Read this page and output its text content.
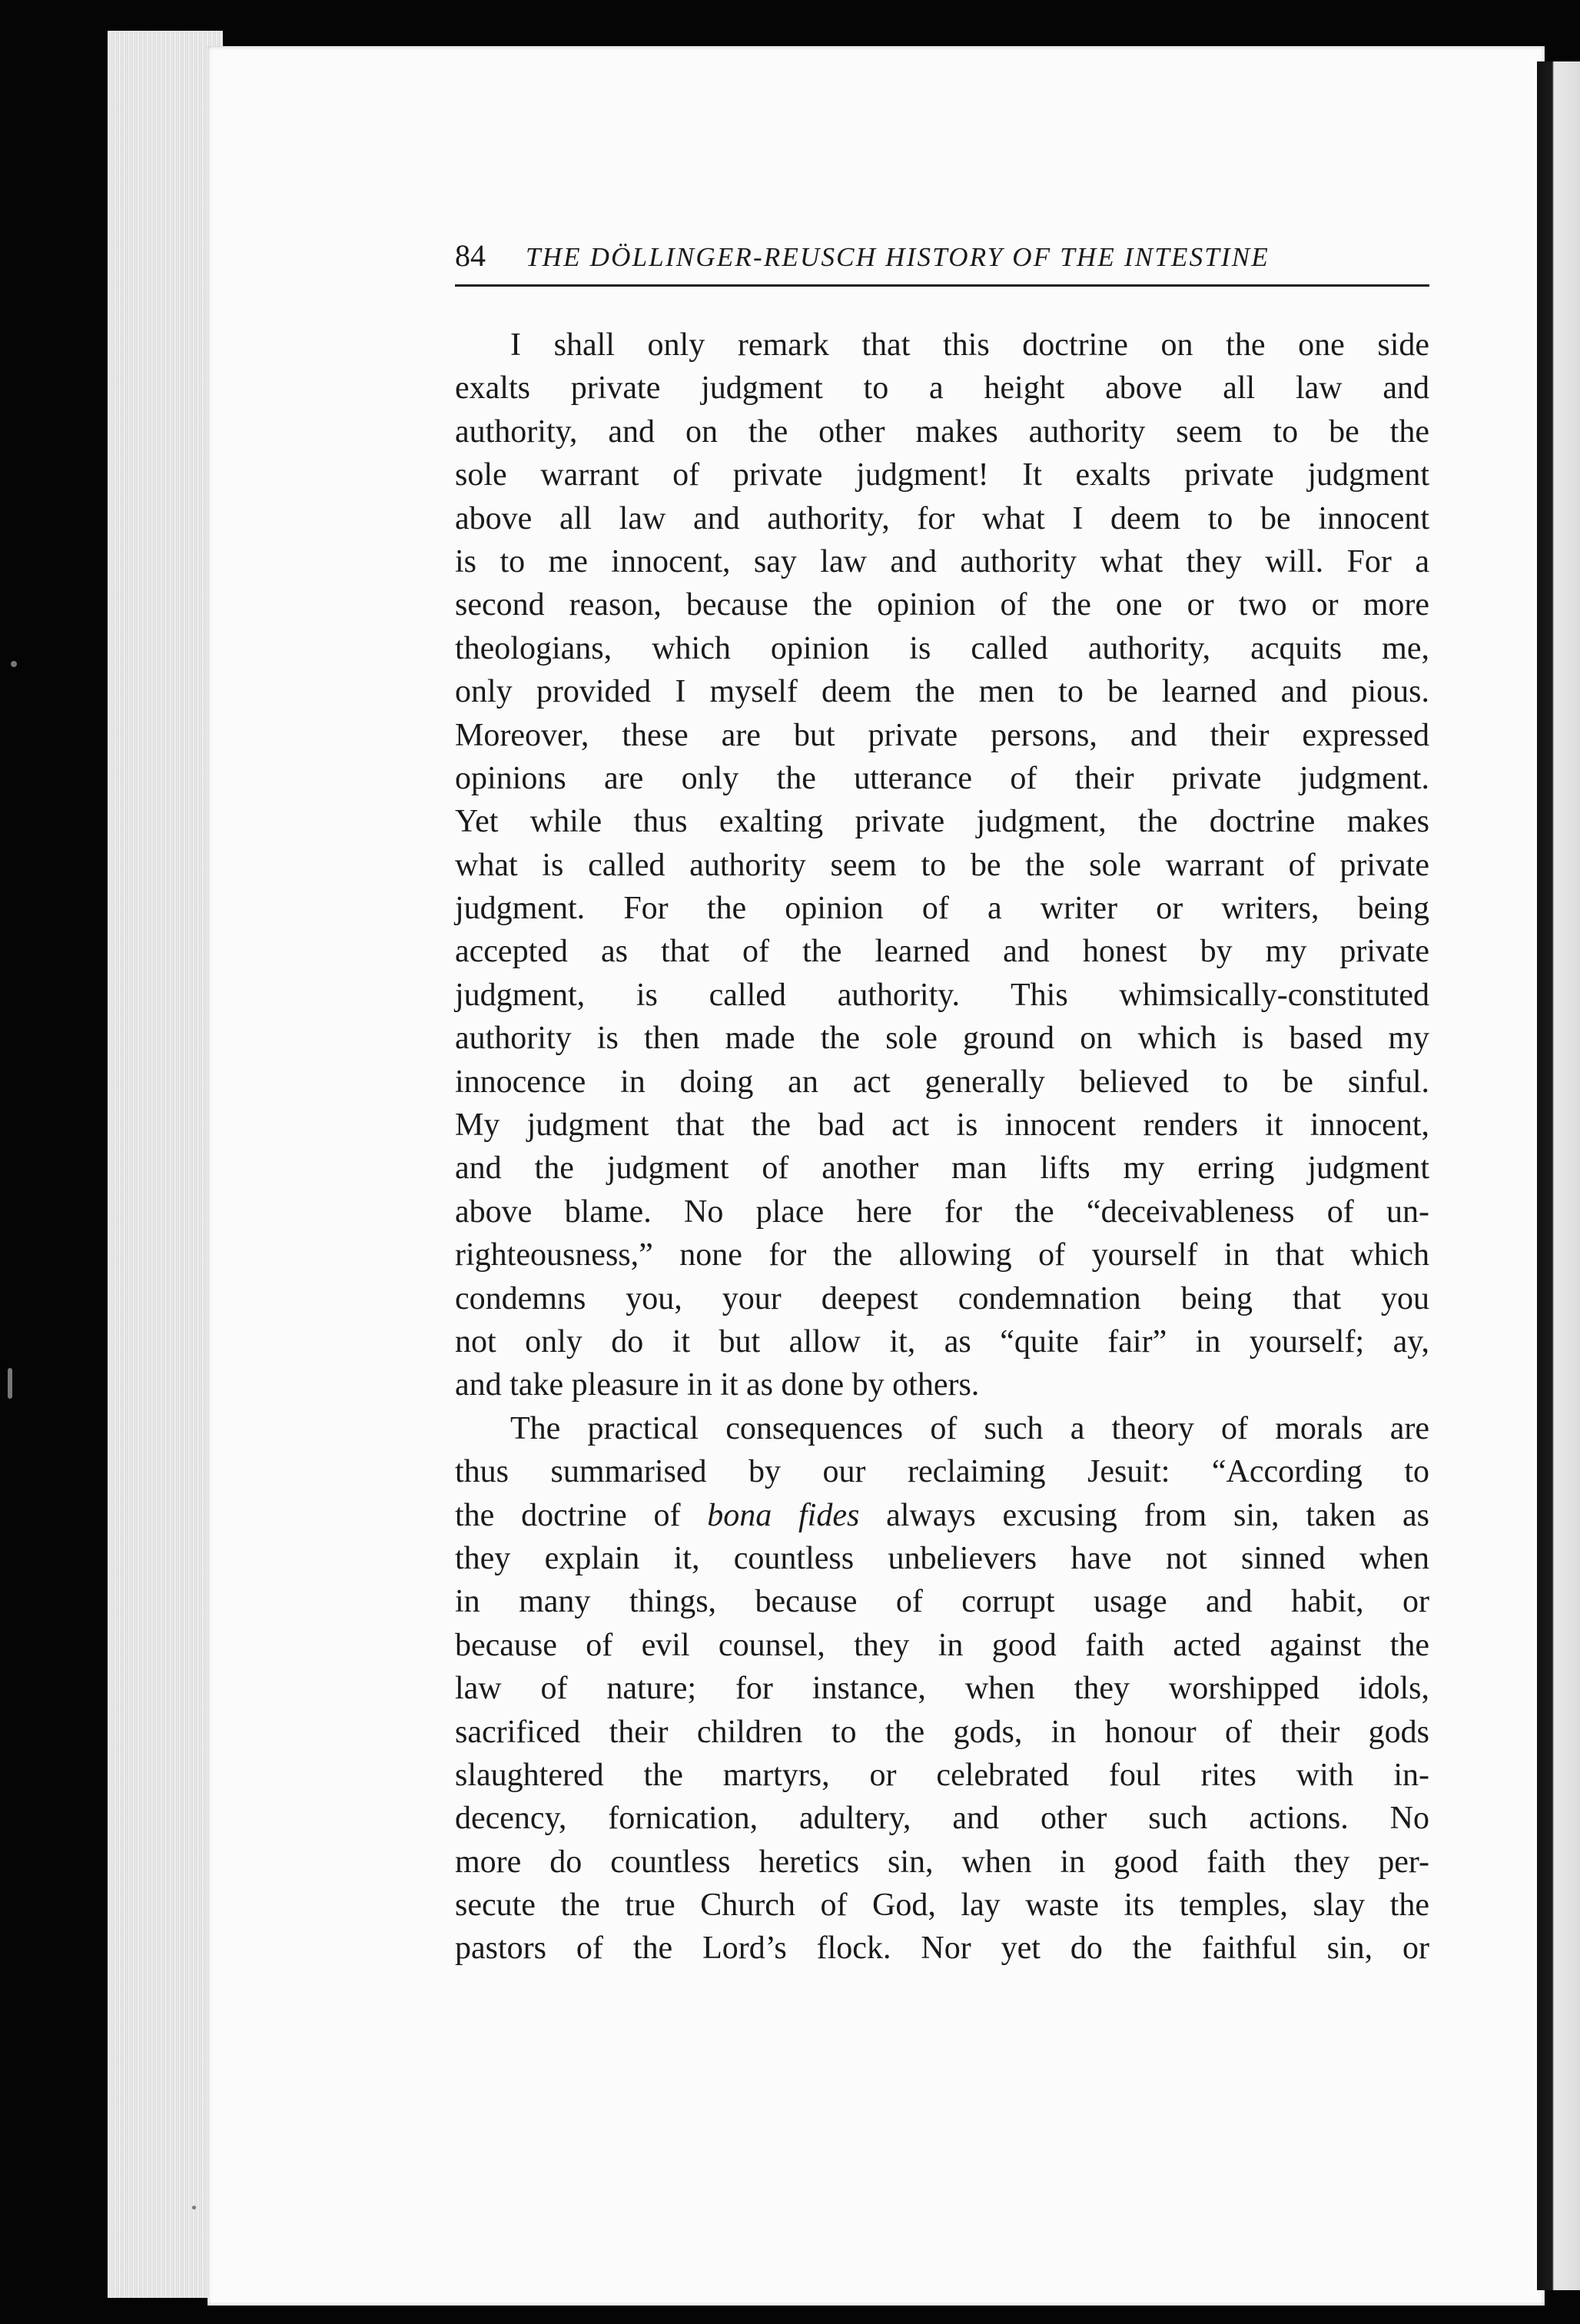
84 THE DÖLLINGER-REUSCH HISTORY OF THE INTESTINE
I shall only remark that this doctrine on the one side
exalts private judgment to a height above all law and
authority, and on the other makes authority seem to be the
sole warrant of private judgment! It exalts private judgment
above all law and authority, for what I deem to be innocent
is to me innocent, say law and authority what they will. For a
second reason, because the opinion of the one or two or more
theologians, which opinion is called authority, acquits me,
only provided I myself deem the men to be learned and pious.
Moreover, these are but private persons, and their expressed
opinions are only the utterance of their private judgment.
Yet while thus exalting private judgment, the doctrine makes
what is called authority seem to be the sole warrant of private
judgment. For the opinion of a writer or writers, being
accepted as that of the learned and honest by my private
judgment, is called authority. This whimsically-constituted
authority is then made the sole ground on which is based my
innocence in doing an act generally believed to be sinful.
My judgment that the bad act is innocent renders it innocent,
and the judgment of another man lifts my erring judgment
above blame. No place here for the “deceivableness of un-
righteousness,” none for the allowing of yourself in that which
condemns you, your deepest condemnation being that you
not only do it but allow it, as “quite fair” in yourself; ay,
and take pleasure in it as done by others.
The practical consequences of such a theory of morals are
thus summarised by our reclaiming Jesuit: “According to
the doctrine of bona fides always excusing from sin, taken as
they explain it, countless unbelievers have not sinned when
in many things, because of corrupt usage and habit, or
because of evil counsel, they in good faith acted against the
law of nature; for instance, when they worshipped idols,
sacrificed their children to the gods, in honour of their gods
slaughtered the martyrs, or celebrated foul rites with in-
decency, fornication, adultery, and other such actions. No
more do countless heretics sin, when in good faith they per-
secute the true Church of God, lay waste its temples, slay the
pastors of the Lord’s flock. Nor yet do the faithful sin, or
